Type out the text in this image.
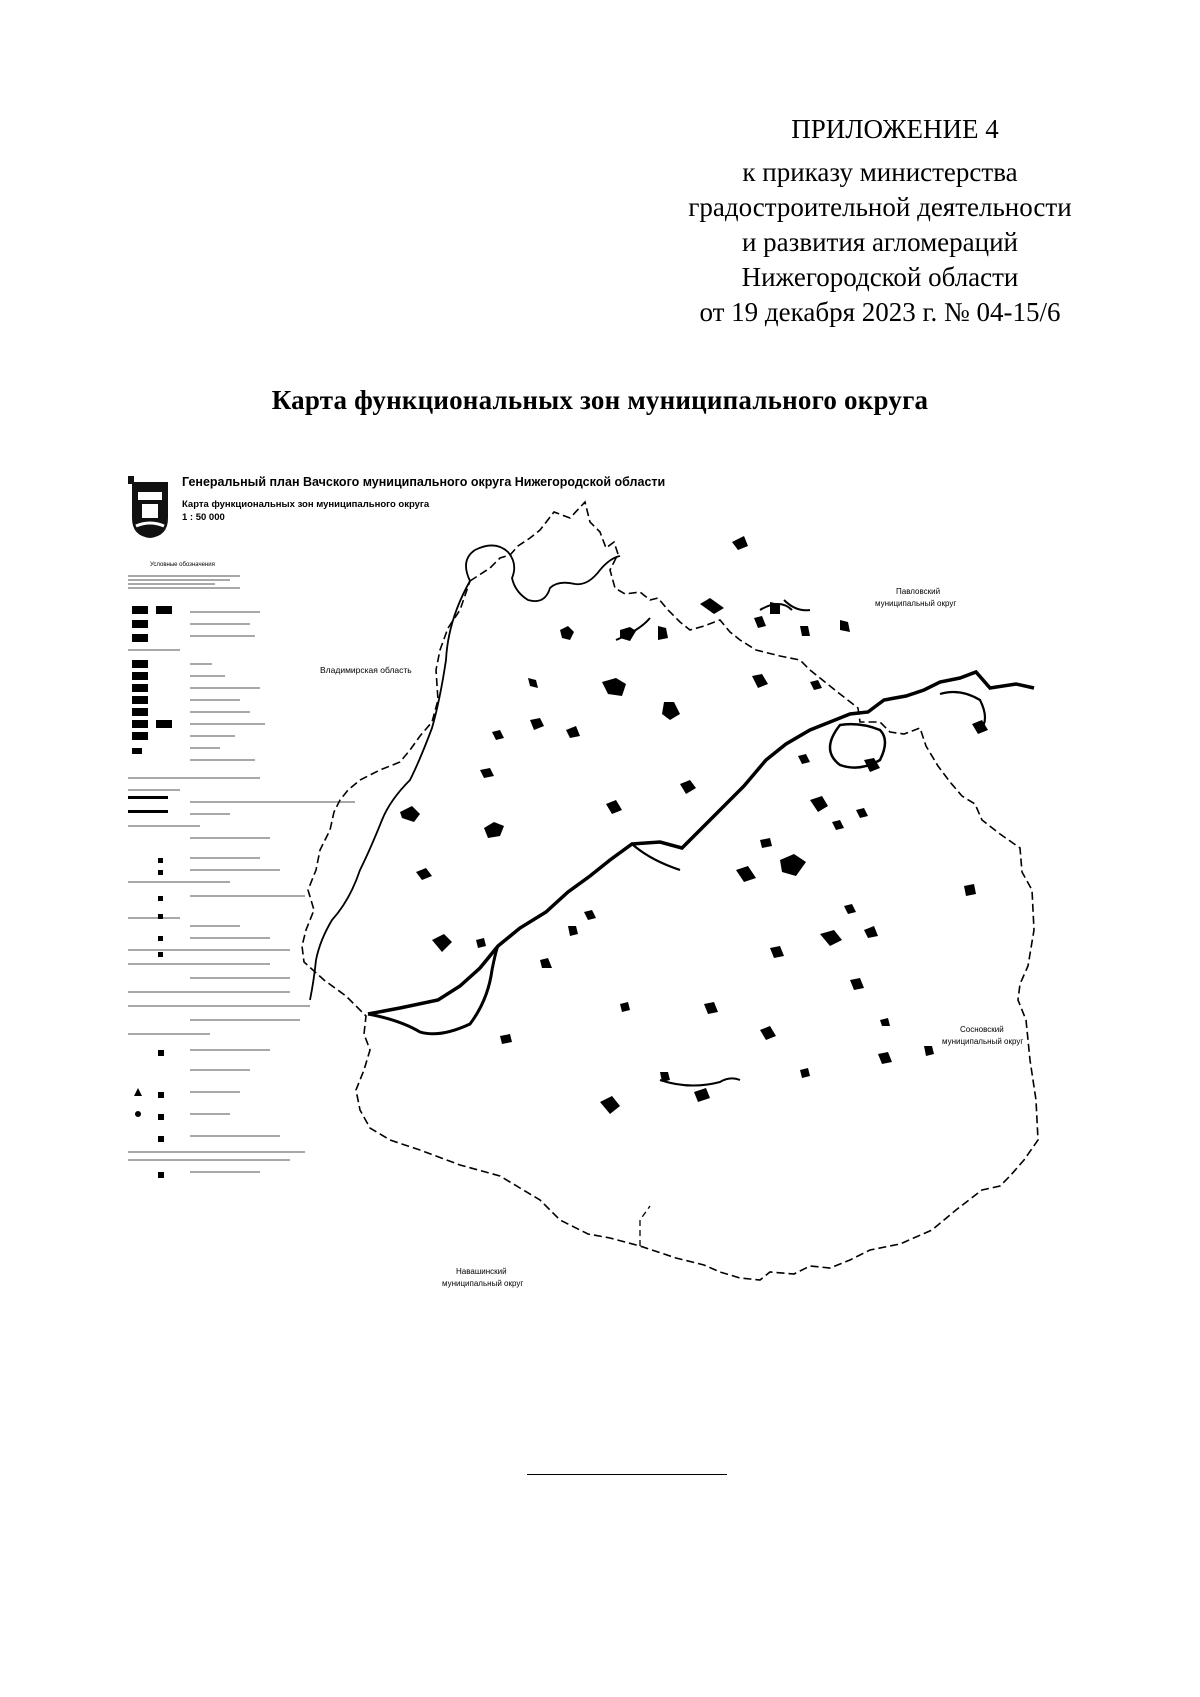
ПРИЛОЖЕНИЕ 4
к приказу министерства
градостроительной деятельности
и развития агломераций
Нижегородской области
от 19 декабря 2023 г. № 04-15/6
Карта функциональных зон муниципального округа
Генеральный план Вачского муниципального округа Нижегородской области
Карта функциональных зон муниципального округа
1 : 50 000
Условные обозначения
Владимирская область
Павловский
муниципальный округ
Сосновский
муниципальный округ
Навашинский
муниципальный округ
